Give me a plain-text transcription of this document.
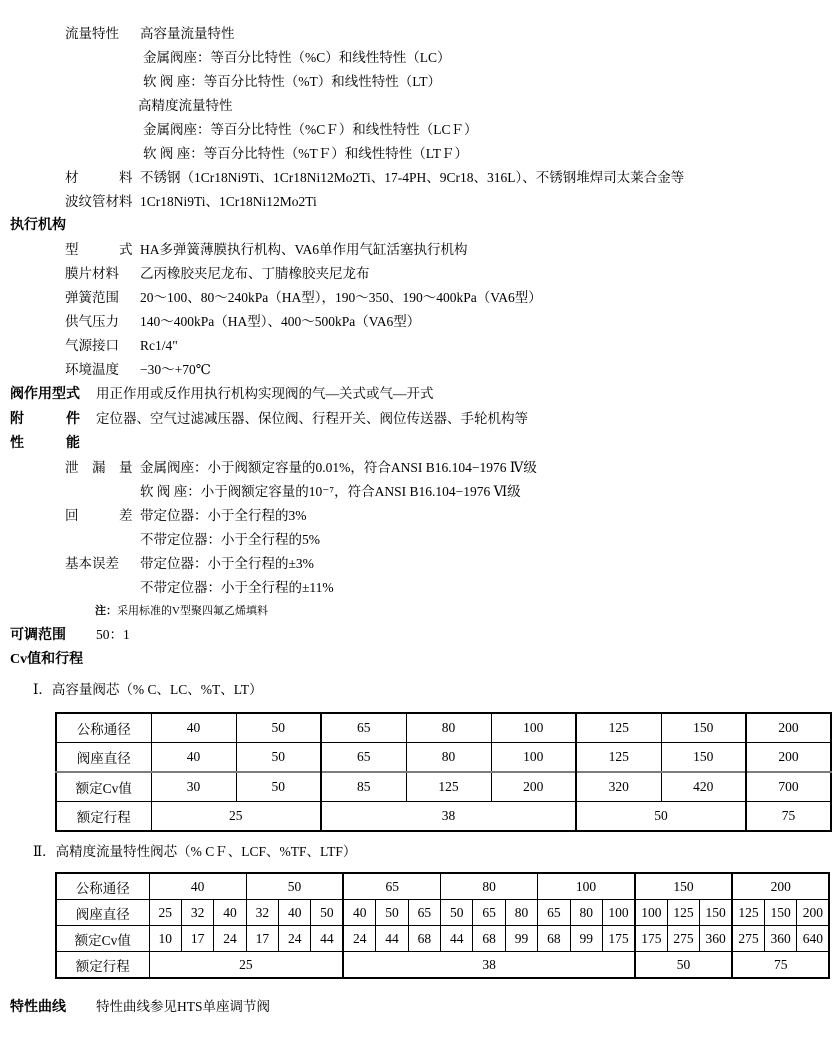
流量特性 高容量流量特性
金属阀座：等百分比特性（%C）和线性特性（LC）
软 阀 座：等百分比特性（%T）和线性特性（LT）
高精度流量特性
金属阀座：等百分比特性（%CＦ）和线性特性（LCＦ）
软 阀 座：等百分比特性（%TＦ）和线性特性（LTＦ）
材　　　料 不锈钢（1Cr18Ni9Ti、1Cr18Ni12Mo2Ti、17-4PH、9Cr18、316L）、不锈钢堆焊司太莱合金等
波纹管材料 1Cr18Ni9Ti、1Cr18Ni12Mo2Ti
执行机构
型　　　式 HA多弹簧薄膜执行机构、VA6单作用气缸活塞执行机构
膜片材料 乙丙橡胶夹尼龙布、丁腈橡胶夹尼龙布
弹簧范围 20～100、80～240kPa（HA型），190～350、190～400kPa（VA6型）
供气压力 140～400kPa（HA型）、400～500kPa（VA6型）
气源接口 Rc1/4"
环境温度 −30～+70℃
阀作用型式 用正作用或反作用执行机构实现阀的气—关式或气—开式
附　　　件 定位器、空气过滤减压器、保位阀、行程开关、阀位传送器、手轮机构等
性　　　能
泄　漏　量 金属阀座：小于阀额定容量的0.01%，符合ANSI B16.104−1976 Ⅳ级
软 阀 座：小于阀额定容量的10⁻⁷，符合ANSI B16.104−1976 Ⅵ级
回　　　差 带定位器：小于全行程的3%
不带定位器：小于全行程的5%
基本误差 带定位器：小于全行程的±3%
不带定位器：小于全行程的±11%
注：采用标准的V型聚四氟乙烯填料
可调范围 50：1
Cv值和行程
Ⅰ．高容量阀芯（% C、LC、%T、LT）
公称通径	40	50	65	80	100	125	150	200
阀座直径	40	50	65	80	100	125	150	200
额定Cv值	30	50	85	125	200	320	420	700
额定行程	25		38			50		75
Ⅱ．高精度流量特性阀芯（% CＦ、LCF、%TF、LTF）
公称通径	40			50			65			80			100			150			200		
阀座直径	25	32	40	32	40	50	40	50	65	50	65	80	65	80	100	100	125	150	125	150	200
额定Cv值	10	17	24	17	24	44	24	44	68	44	68	99	68	99	175	175	275	360	275	360	640
额定行程	25						38									50			75		
特性曲线 特性曲线参见HTS单座调节阀
